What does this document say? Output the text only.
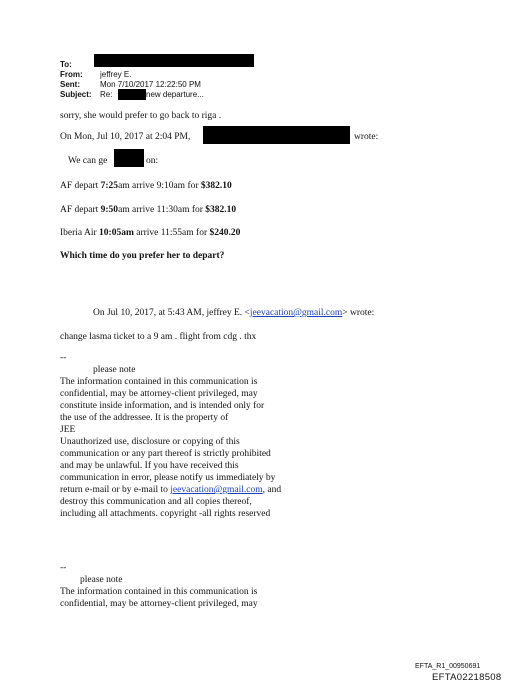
To:
From: jeffrey E.
Sent:	Mon 7/10/2017 12:22:50 PM
Subject: Re:	new departure...
sorry, she would prefer to go back to riga .
On Mon, Jul 10, 2017 at 2:04 PM,	wrote:
We can ge	on:
AF depart 7:25am arrive 9:10am for $382.10
AF depart 9:50am arrive 11:30am for $382.10
Iberia Air 10:05am arrive 11:55am for $240.20
Which time do you prefer her to depart?
On Jul 10, 2017, at 5:43 AM, jeffrey E. <jeevacation@gmail.com> wrote:
change lasma ticket to a 9 am . flight from cdg . thx
--
please note
The information contained in this communication is
confidential, may be attorney-client privileged, may
constitute inside information, and is intended only for
the use of the addressee. It is the property of
JEE
Unauthorized use, disclosure or copying of this
communication or any part thereof is strictly prohibited
and may be unlawful. If you have received this
communication in error, please notify us immediately by
return e-mail or by e-mail to jeevacation@gmail.com, and
destroy this communication and all copies thereof,
including all attachments. copyright -all rights reserved
--
please note
The information contained in this communication is
confidential, may be attorney-client privileged, may
EFTA_R1_00950691
EFTA02218508
